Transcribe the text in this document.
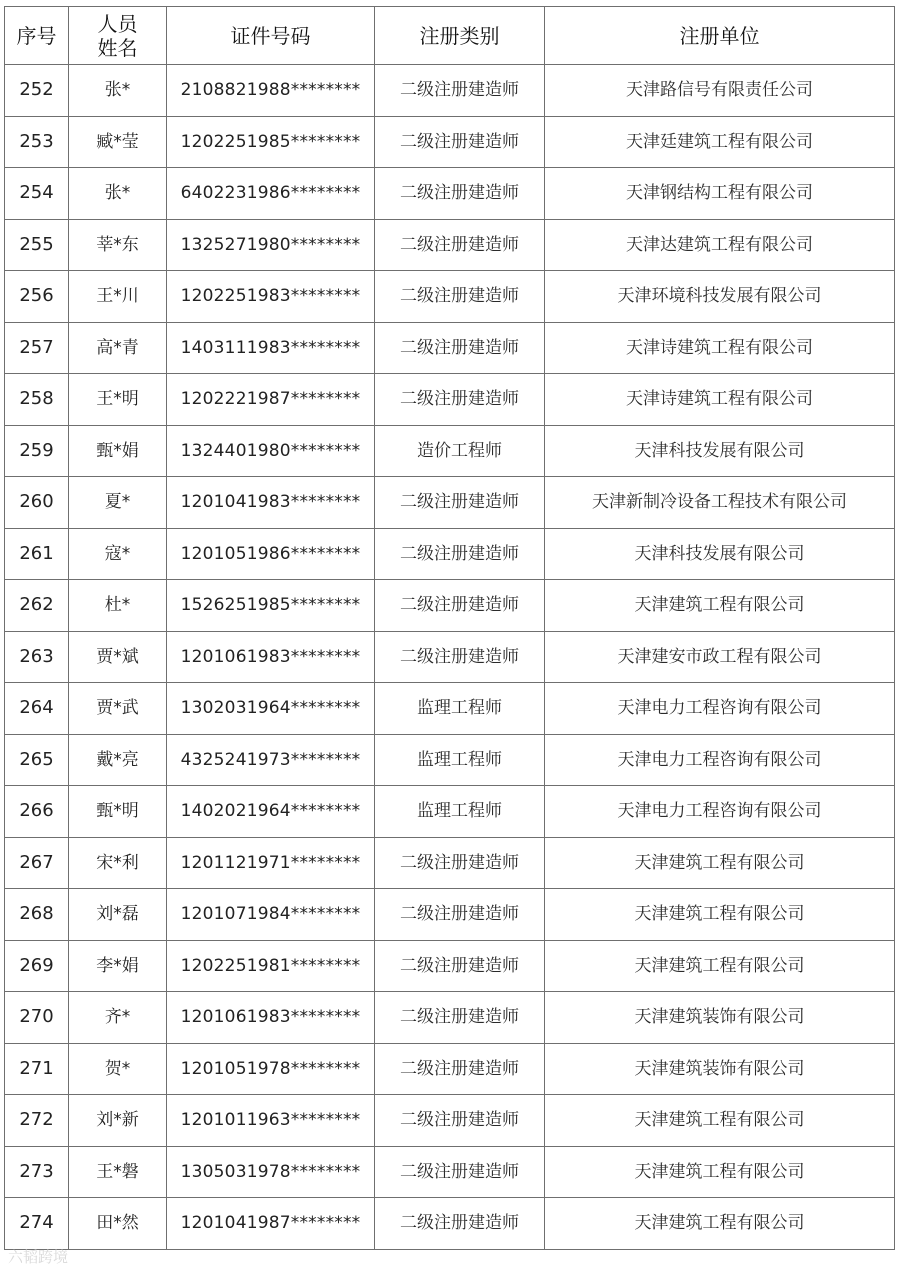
序号	人员姓名	证件号码	注册类别	注册单位
252	张*	2108821988********	二级注册建造师	天津路信号有限责任公司
253	臧*莹	1202251985********	二级注册建造师	天津廷建筑工程有限公司
254	张*	6402231986********	二级注册建造师	天津钢结构工程有限公司
255	莘*东	1325271980********	二级注册建造师	天津达建筑工程有限公司
256	王*川	1202251983********	二级注册建造师	天津环境科技发展有限公司
257	高*青	1403111983********	二级注册建造师	天津诗建筑工程有限公司
258	王*明	1202221987********	二级注册建造师	天津诗建筑工程有限公司
259	甄*娟	1324401980********	造价工程师	天津科技发展有限公司
260	夏*	1201041983********	二级注册建造师	天津新制冷设备工程技术有限公司
261	寇*	1201051986********	二级注册建造师	天津科技发展有限公司
262	杜*	1526251985********	二级注册建造师	天津建筑工程有限公司
263	贾*斌	1201061983********	二级注册建造师	天津建安市政工程有限公司
264	贾*武	1302031964********	监理工程师	天津电力工程咨询有限公司
265	戴*亮	4325241973********	监理工程师	天津电力工程咨询有限公司
266	甄*明	1402021964********	监理工程师	天津电力工程咨询有限公司
267	宋*利	1201121971********	二级注册建造师	天津建筑工程有限公司
268	刘*磊	1201071984********	二级注册建造师	天津建筑工程有限公司
269	李*娟	1202251981********	二级注册建造师	天津建筑工程有限公司
270	齐*	1201061983********	二级注册建造师	天津建筑装饰有限公司
271	贺*	1201051978********	二级注册建造师	天津建筑装饰有限公司
272	刘*新	1201011963********	二级注册建造师	天津建筑工程有限公司
273	王*磐	1305031978********	二级注册建造师	天津建筑工程有限公司
274	田*然	1201041987********	二级注册建造师	天津建筑工程有限公司
六韬跨境
